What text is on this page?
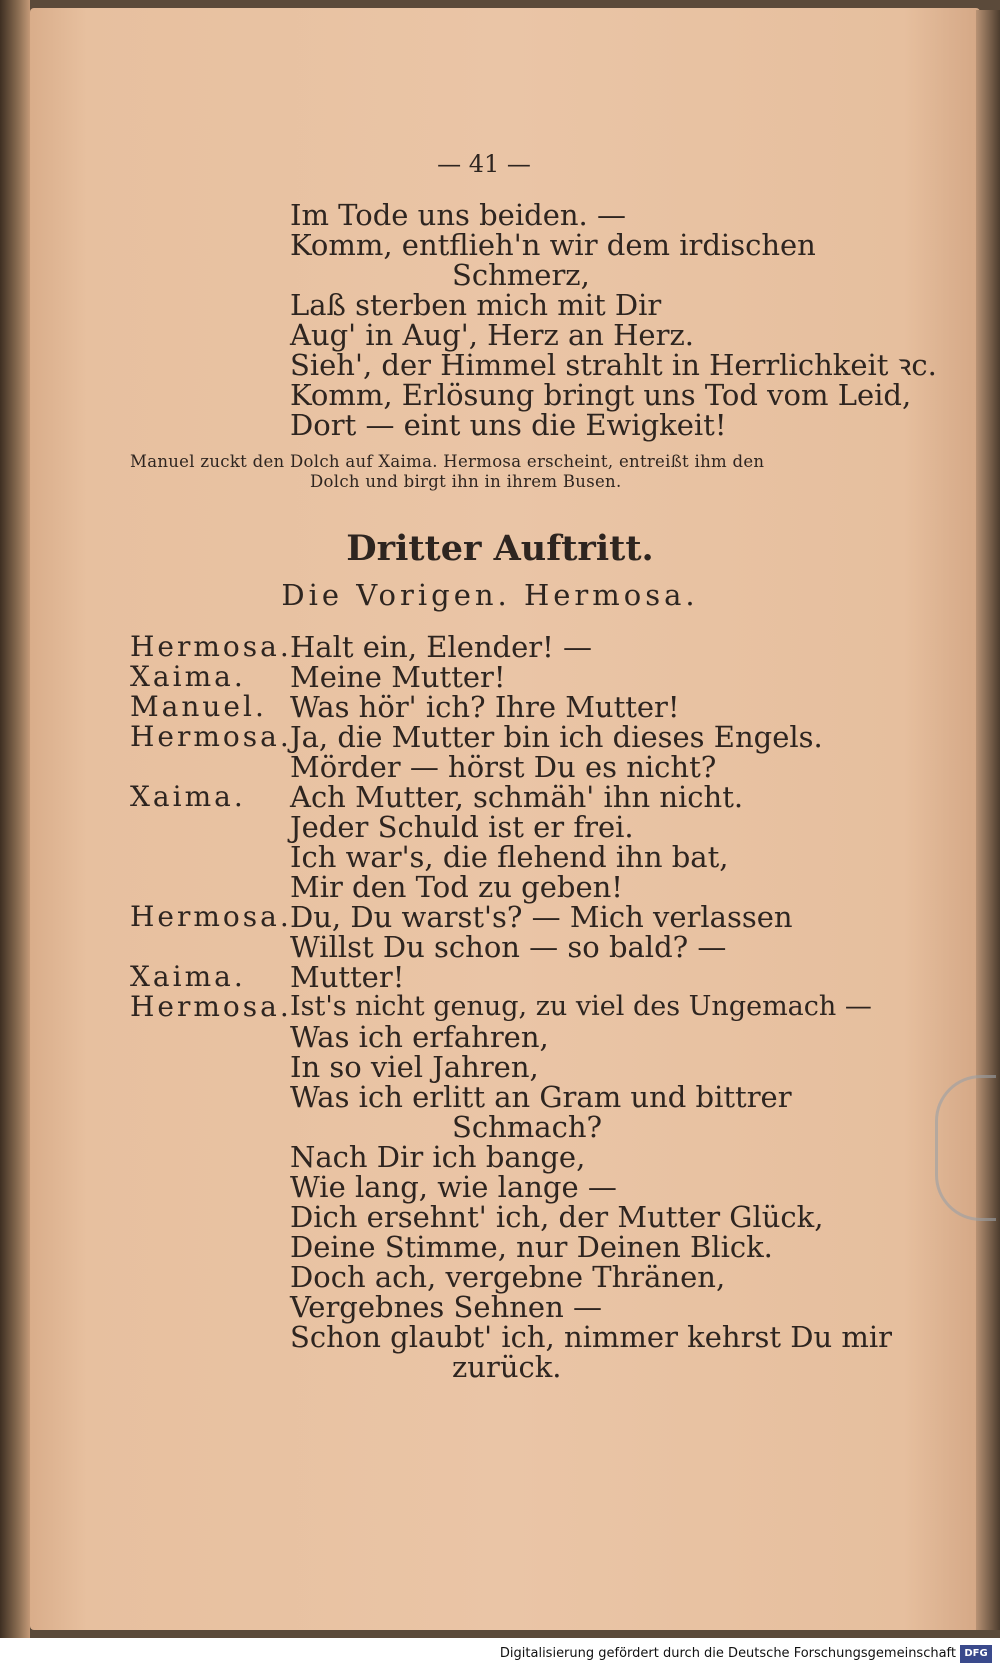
— 41 —
Im Tode uns beiden. —
Komm, entflieh'n wir dem irdischen
Schmerz,
Laß sterben mich mit Dir
Aug' in Aug', Herz an Herz.
Sieh', der Himmel strahlt in Herrlichkeit ꝛc.
Komm, Erlösung bringt uns Tod vom Leid,
Dort — eint uns die Ewigkeit!
Manuel zuckt den Dolch auf Xaima. Hermosa erscheint, entreißt ihm den
Dolch und birgt ihn in ihrem Busen.
Dritter Auftritt.
Die Vorigen. Hermosa.
Hermosa.
Halt ein, Elender! —
Xaima. Meine Mutter!
Manuel. Was hör' ich? Ihre Mutter!
Hermosa.
Ja, die Mutter bin ich dieses Engels.
Mörder — hörst Du es nicht?
Xaima. Ach Mutter, schmäh' ihn nicht.
Jeder Schuld ist er frei.
Ich war's, die flehend ihn bat,
Mir den Tod zu geben!
Hermosa.
Du, Du warst's? — Mich verlassen
Willst Du schon — so bald? —
Xaima. Mutter!
Hermosa.
Ist's nicht genug, zu viel des Ungemach —
Was ich erfahren,
In so viel Jahren,
Was ich erlitt an Gram und bittrer
Schmach?
Nach Dir ich bange,
Wie lang, wie lange —
Dich ersehnt' ich, der Mutter Glück,
Deine Stimme, nur Deinen Blick.
Doch ach, vergebne Thränen,
Vergebnes Sehnen —
Schon glaubt' ich, nimmer kehrst Du mir
zurück.
Digitalisierung gefördert durch die Deutsche Forschungsgemeinschaft DFG
